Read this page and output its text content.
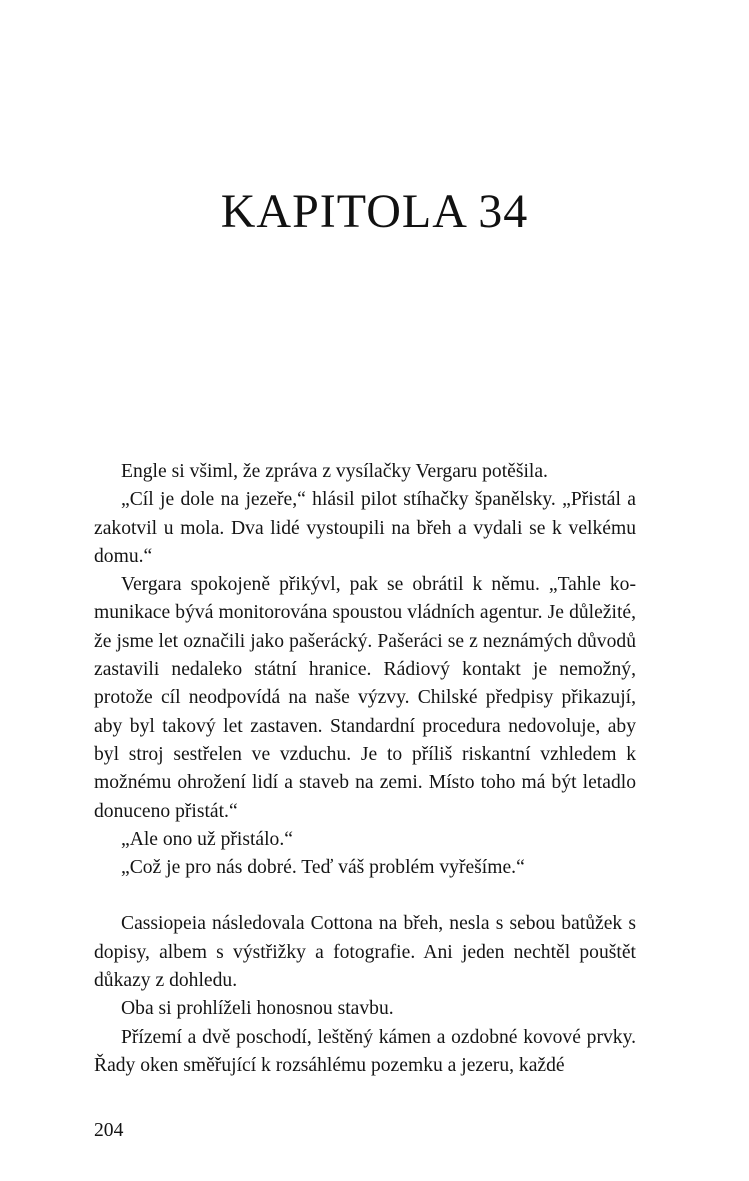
KAPITOLA 34

Engle si všiml, že zpráva z vysílačky Vergaru potěšila.

„Cíl je dole na jezeře,“ hlásil pilot stíhačky španělsky. „Přistál a zakotvil u mola. Dva lidé vystoupili na břeh a vydali se k velkému domu.“

Vergara spokojeně přikývl, pak se obrátil k němu. „Tahle komunikace bývá monitorována spoustou vládních agentur. Je důležité, že jsme let označili jako pašerácký. Pašeráci se z neznámých důvodů zastavili nedaleko státní hranice. Rádiový kontakt je nemožný, protože cíl neodpovídá na naše výzvy. Chilské předpisy přikazují, aby byl takový let zastaven. Standardní procedura nedovoluje, aby byl stroj sestřelen ve vzduchu. Je to příliš riskantní vzhledem k možnému ohrožení lidí a staveb na zemi. Místo toho má být letadlo donuceno přistát.“

„Ale ono už přistálo.“

„Což je pro nás dobré. Teď váš problém vyřešíme.“

Cassiopeia následovala Cottona na břeh, nesla s sebou batůžek s dopisy, albem s výstřižky a fotografie. Ani jeden nechtěl pouštět důkazy z dohledu.

Oba si prohlíželi honosnou stavbu.

Přízemí a dvě poschodí, leštěný kámen a ozdobné kovové prvky. Řady oken směřující k rozsáhlému pozemku a jezeru, každé

204
